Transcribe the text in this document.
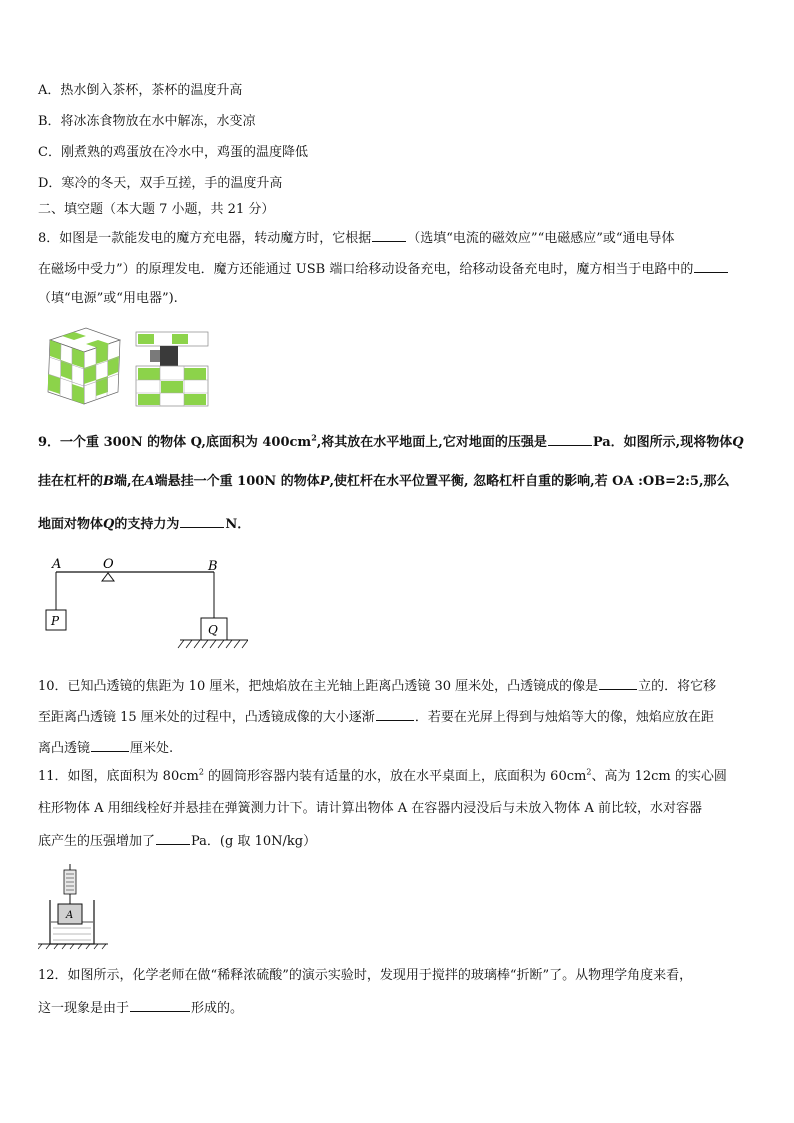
A．热水倒入茶杯，茶杯的温度升高
B．将冰冻食物放在水中解冻，水变凉
C．刚煮熟的鸡蛋放在冷水中，鸡蛋的温度降低
D．寒冷的冬天，双手互搓，手的温度升高
二、填空题（本大题 7 小题，共 21 分）
8．如图是一款能发电的魔方充电器，转动魔方时，它根据	（选填“电流的磁效应”“电磁感应”或“通电导体
在磁场中受力”）的原理发电．魔方还能通过 USB 端口给移动设备充电，给移动设备充电时，魔方相当于电路中的
（填“电源”或“用电器”).
9．一个重 300N 的物体 Q,底面积为 $400cm^2$,将其放在水平地面上,它对地面的压强是	Pa．如图所示,现将物体Q
挂在杠杆的B端,在A端悬挂一个重 100N 的物体P,使杠杆在水平位置平衡, 忽略杠杆自重的影响,若 OA :OB=2:5,那么
地面对物体Q的支持力为	N．
A	O	B
P
Q
10．已知凸透镜的焦距为 10 厘米，把烛焰放在主光轴上距离凸透镜 30 厘米处，凸透镜成的像是	立的．将它移
至距离凸透镜 15 厘米处的过程中，凸透镜成像的大小逐渐	．若要在光屏上得到与烛焰等大的像，烛焰应放在距
离凸透镜	厘米处.
11．如图，底面积为 $80cm^2$ 的圆筒形容器内装有适量的水，放在水平桌面上，底面积为 $60cm^2$、高为 12cm 的实心圆
柱形物体 A 用细线栓好并悬挂在弹簧测力计下。请计算出物体 A 在容器内浸没后与未放入物体 A 前比较，水对容器
底产生的压强增加了	Pa．(g 取 10N/kg）
A
12．如图所示，化学老师在做“稀释浓硫酸”的演示实验时，发现用于搅拌的玻璃棒“折断”了。从物理学角度来看，
这一现象是由于	形成的。
